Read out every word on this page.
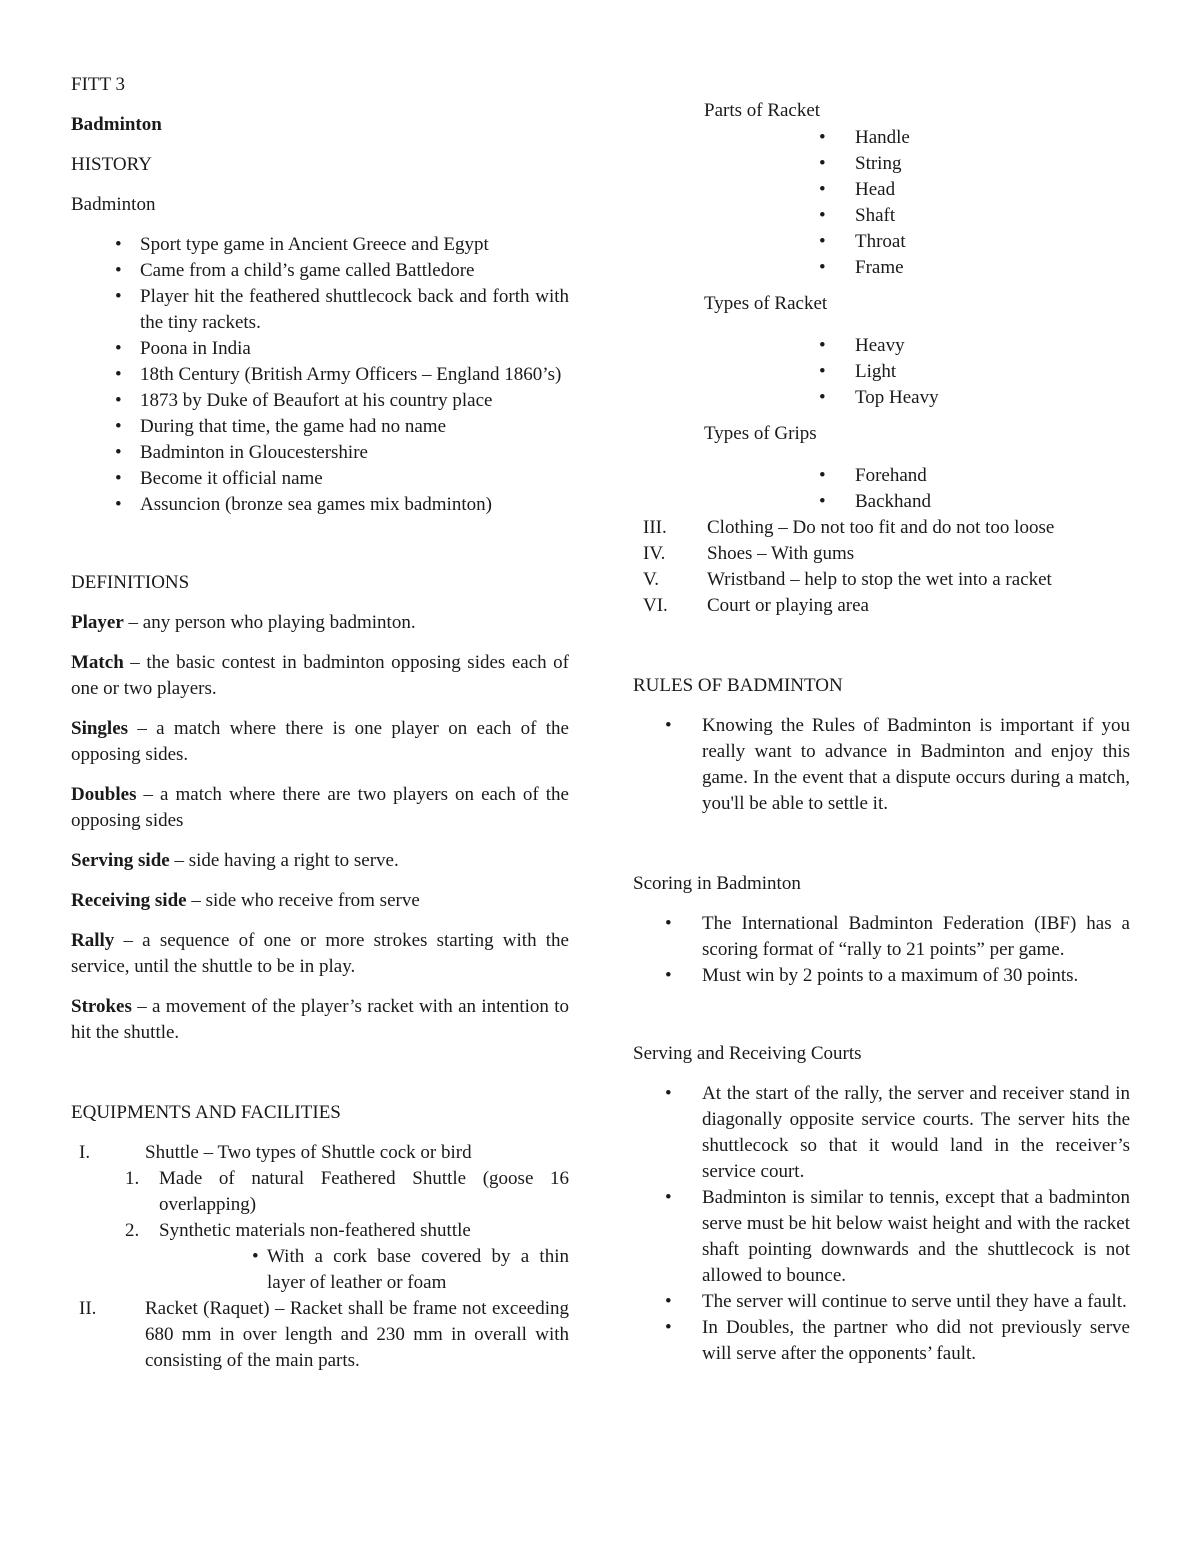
FITT 3

Badminton

HISTORY

Badminton

• Sport type game in Ancient Greece and Egypt
• Came from a child’s game called Battledore
• Player hit the feathered shuttlecock back and forth with the tiny rackets.
• Poona in India
• 18th Century (British Army Officers – England 1860’s)
• 1873 by Duke of Beaufort at his country place
• During that time, the game had no name
• Badminton in Gloucestershire
• Become it official name
• Assuncion (bronze sea games mix badminton)

DEFINITIONS

Player – any person who playing badminton.

Match – the basic contest in badminton opposing sides each of one or two players.

Singles – a match where there is one player on each of the opposing sides.

Doubles – a match where there are two players on each of the opposing sides

Serving side – side having a right to serve.

Receiving side – side who receive from serve

Rally – a sequence of one or more strokes starting with the service, until the shuttle to be in play.

Strokes – a movement of the player’s racket with an intention to hit the shuttle.

EQUIPMENTS AND FACILITIES

I.	Shuttle – Two types of Shuttle cock or bird

1. Made of natural Feathered Shuttle (goose 16 overlapping)

2. Synthetic materials non-feathered shuttle

• With a cork base covered by a thin layer of leather or foam

II.	Racket (Raquet) – Racket shall be frame not exceeding 680 mm in over length and 230 mm in overall with consisting of the main parts.

Parts of Racket

• Handle
• String
• Head
• Shaft
• Throat
• Frame

Types of Racket

• Heavy
• Light
• Top Heavy

Types of Grips

• Forehand
• Backhand

III. Clothing – Do not too fit and do not too loose

IV. Shoes – With gums

V.	Wristband – help to stop the wet into a racket

VI. Court or playing area

RULES OF BADMINTON

• Knowing the Rules of Badminton is important if you really want to advance in Badminton and enjoy this game. In the event that a dispute occurs during a match, you'll be able to settle it.

Scoring in Badminton

• The International Badminton Federation (IBF) has a scoring format of “rally to 21 points” per game.
• Must win by 2 points to a maximum of 30 points.

Serving and Receiving Courts

• At the start of the rally, the server and receiver stand in diagonally opposite service courts. The server hits the shuttlecock so that it would land in the receiver’s service court.
• Badminton is similar to tennis, except that a badminton serve must be hit below waist height and with the racket shaft pointing downwards and the shuttlecock is not allowed to bounce.
• The server will continue to serve until they have a fault.
• In Doubles, the partner who did not previously serve will serve after the opponents’ fault.
